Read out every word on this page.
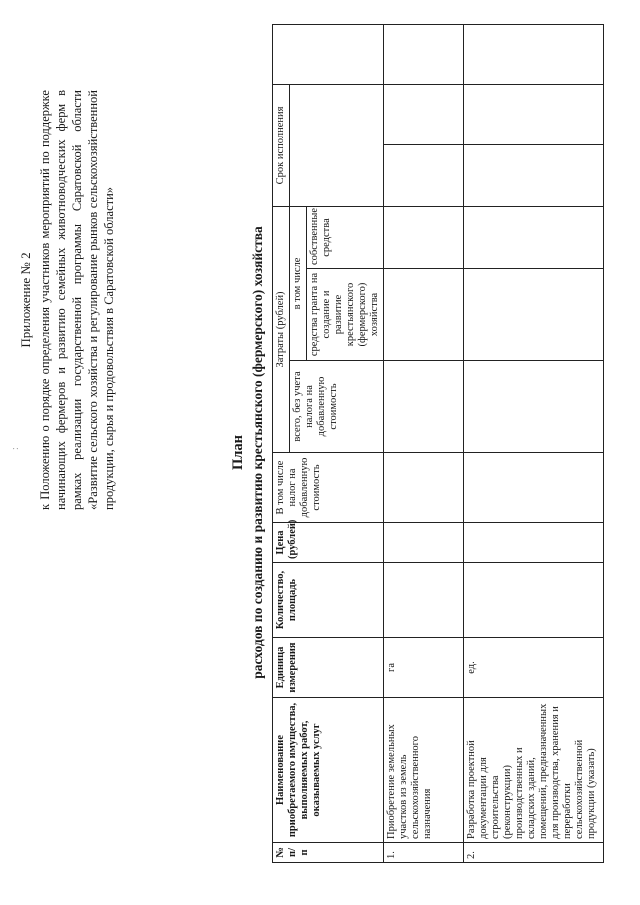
:
Приложение № 2 к Положению о порядке определения участников мероприятий по поддержке начинающих фермеров и развитию семейных животноводческих ферм в рамках реализации государственной программы Саратовской области «Развитие сельского хозяйства и регулирование рынков сельскохозяйственной продукции, сырья и продовольствия в Саратовской области»	План расходов по созданию и развитию крестьянского (фермерского) хозяйства
№ п/п	Наименование приобретаемого имущества, выполняемых работ, оказываемых услуг	Единица измерения	Количество, площадь	Цена (рублей)	В том числе налог на добавленную стоимость	Затраты (рублей)			Срок исполнения		
						всего, без учета налога на добавленную стоимость	в том числе				
							средства гранта на создание и развитие крестьянского (фермерского) хозяйства	собственные средства			
1.	Приобретение земельных участков из земель сельскохозяйственного назначения	га									
2.	Разработка проектной документации для строительства (реконструкции) производственных и складских зданий, помещений, предназначенных для производства, хранения и переработки сельскохозяйственной продукции (указать)	ед.									
